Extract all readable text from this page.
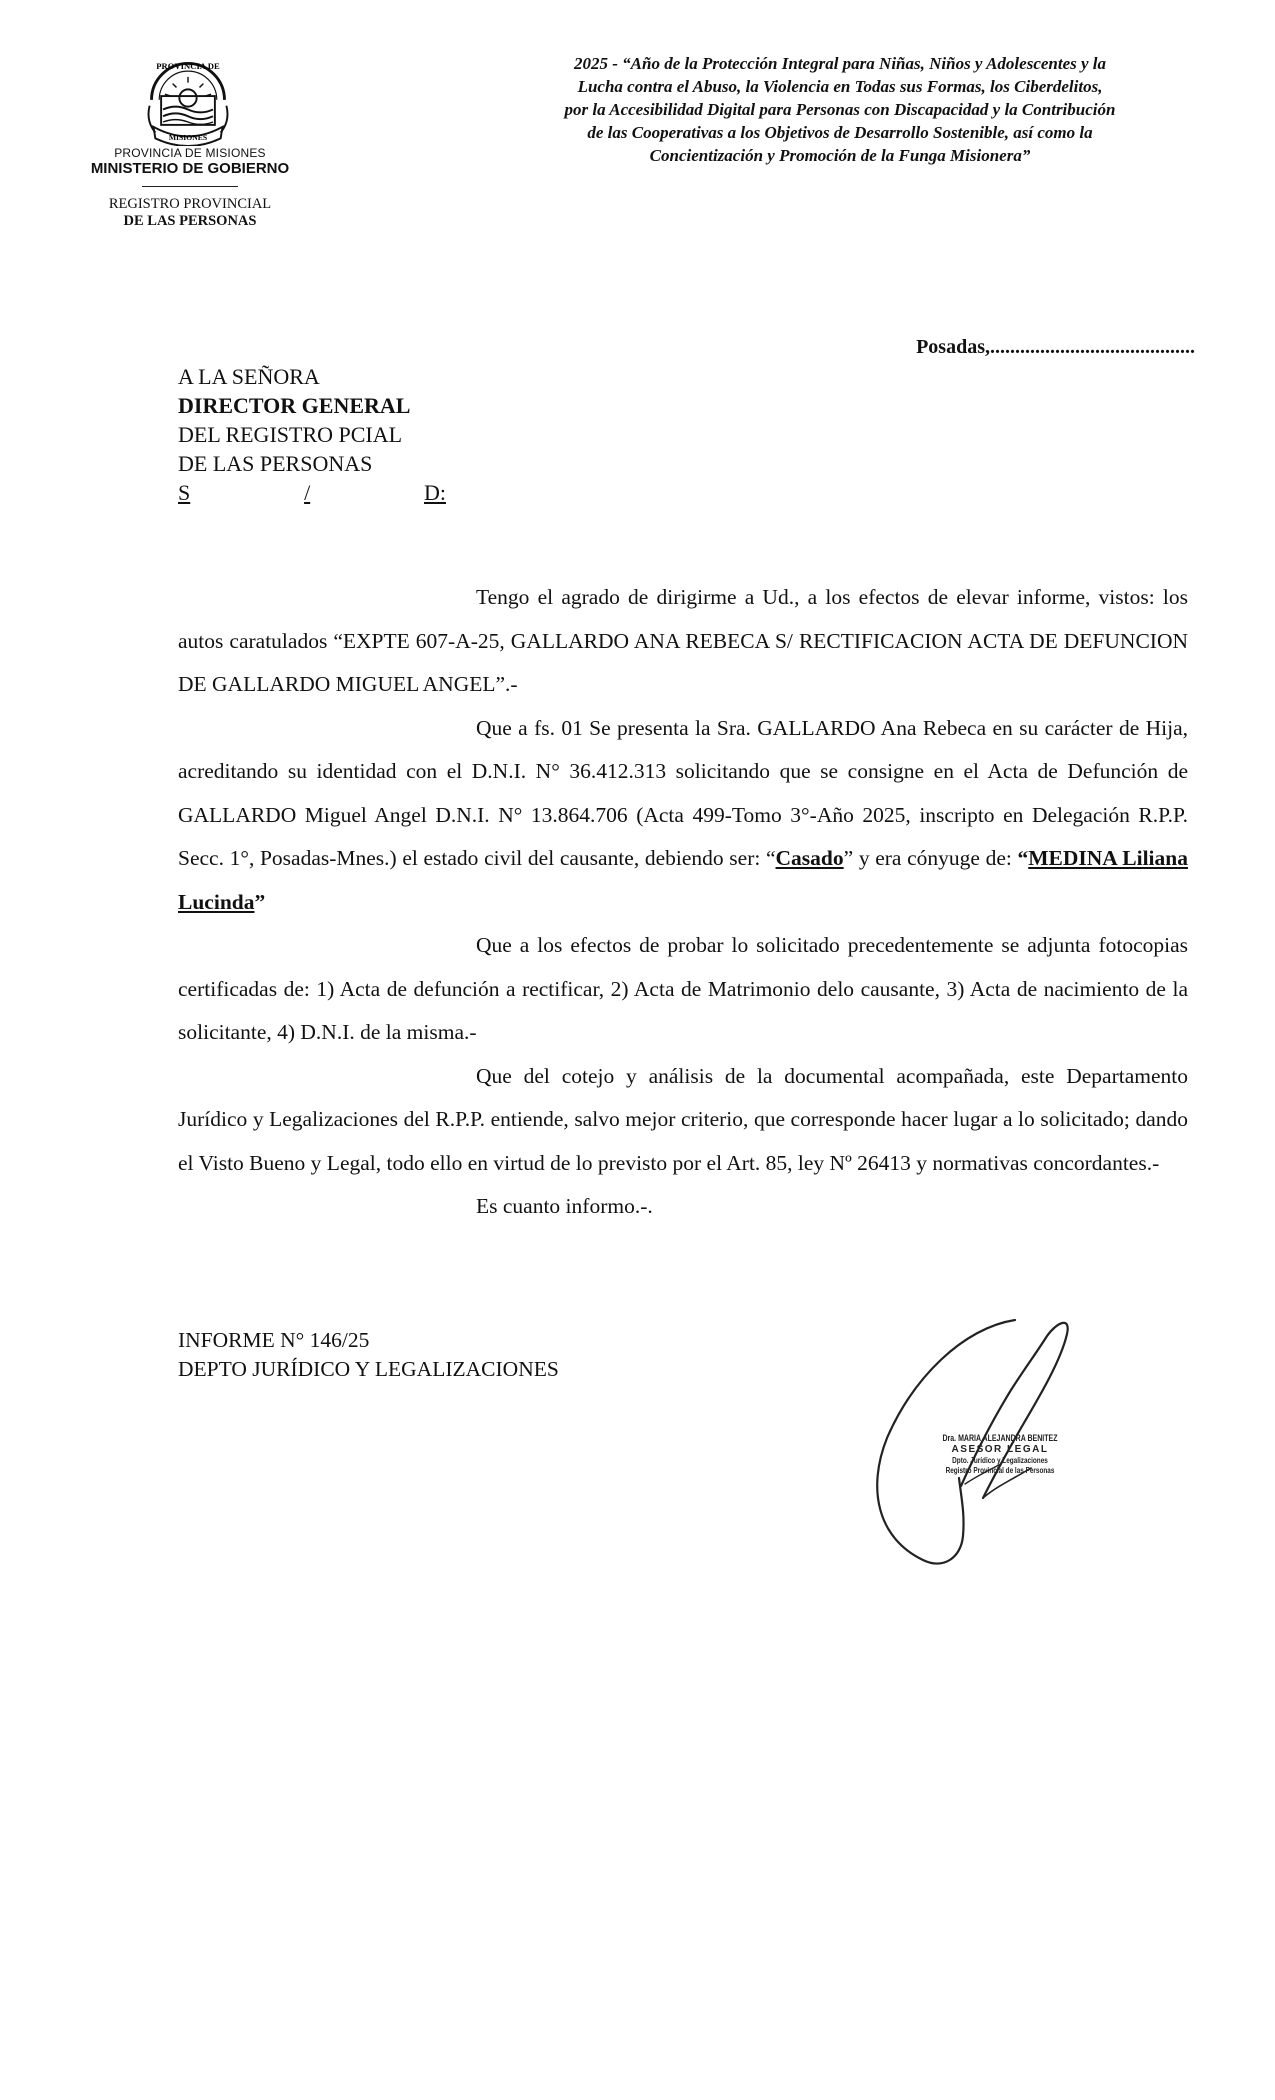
PROVINCIA DE
MISIONES
PROVINCIA DE MISIONES
MINISTERIO DE GOBIERNO
REGISTRO PROVINCIAL
DE LAS PERSONAS
2025 - “Año de la Protección Integral para Niñas, Niños y Adolescentes y la
Lucha contra el Abuso, la Violencia en Todas sus Formas, los Ciberdelitos,
por la Accesibilidad Digital para Personas con Discapacidad y la Contribución
de las Cooperativas a los Objetivos de Desarrollo Sostenible, así como la
Concientización y Promoción de la Funga Misionera”
Posadas,.........................................
A LA SEÑORA
DIRECTOR GENERAL
DEL REGISTRO PCIAL
DE LAS PERSONAS
S	/	D:

Tengo el agrado de dirigirme a Ud., a los efectos de elevar informe, vistos: los autos caratulados “EXPTE 607-A-25, GALLARDO ANA REBECA S/ RECTIFICACION ACTA DE DEFUNCION DE GALLARDO MIGUEL ANGEL”.-

Que a fs. 01 Se presenta la Sra. GALLARDO Ana Rebeca en su carácter de Hija, acreditando su identidad con el D.N.I. N° 36.412.313 solicitando que se consigne en el Acta de Defunción de GALLARDO Miguel Angel D.N.I. N° 13.864.706 (Acta 499-Tomo 3°-Año 2025, inscripto en Delegación R.P.P. Secc. 1°, Posadas-Mnes.) el estado civil del causante, debiendo ser: “Casado” y era cónyuge de: “MEDINA Liliana Lucinda”

Que a los efectos de probar lo solicitado precedentemente se adjunta fotocopias certificadas de: 1) Acta de defunción a rectificar, 2) Acta de Matrimonio delo causante, 3) Acta de nacimiento de la solicitante, 4) D.N.I. de la misma.-

Que del cotejo y análisis de la documental acompañada, este Departamento Jurídico y Legalizaciones del R.P.P. entiende, salvo mejor criterio, que corresponde hacer lugar a lo solicitado; dando el Visto Bueno y Legal, todo ello en virtud de lo previsto por el Art. 85, ley Nº 26413 y normativas concordantes.-

Es cuanto informo.-.

INFORME N° 146/25
DEPTO JURÍDICO Y LEGALIZACIONES
Dra. MARIA ALEJANDRA BENITEZ
ASESOR LEGAL
Dpto. Jurídico y Legalizaciones
Registro Provincial de las Personas
